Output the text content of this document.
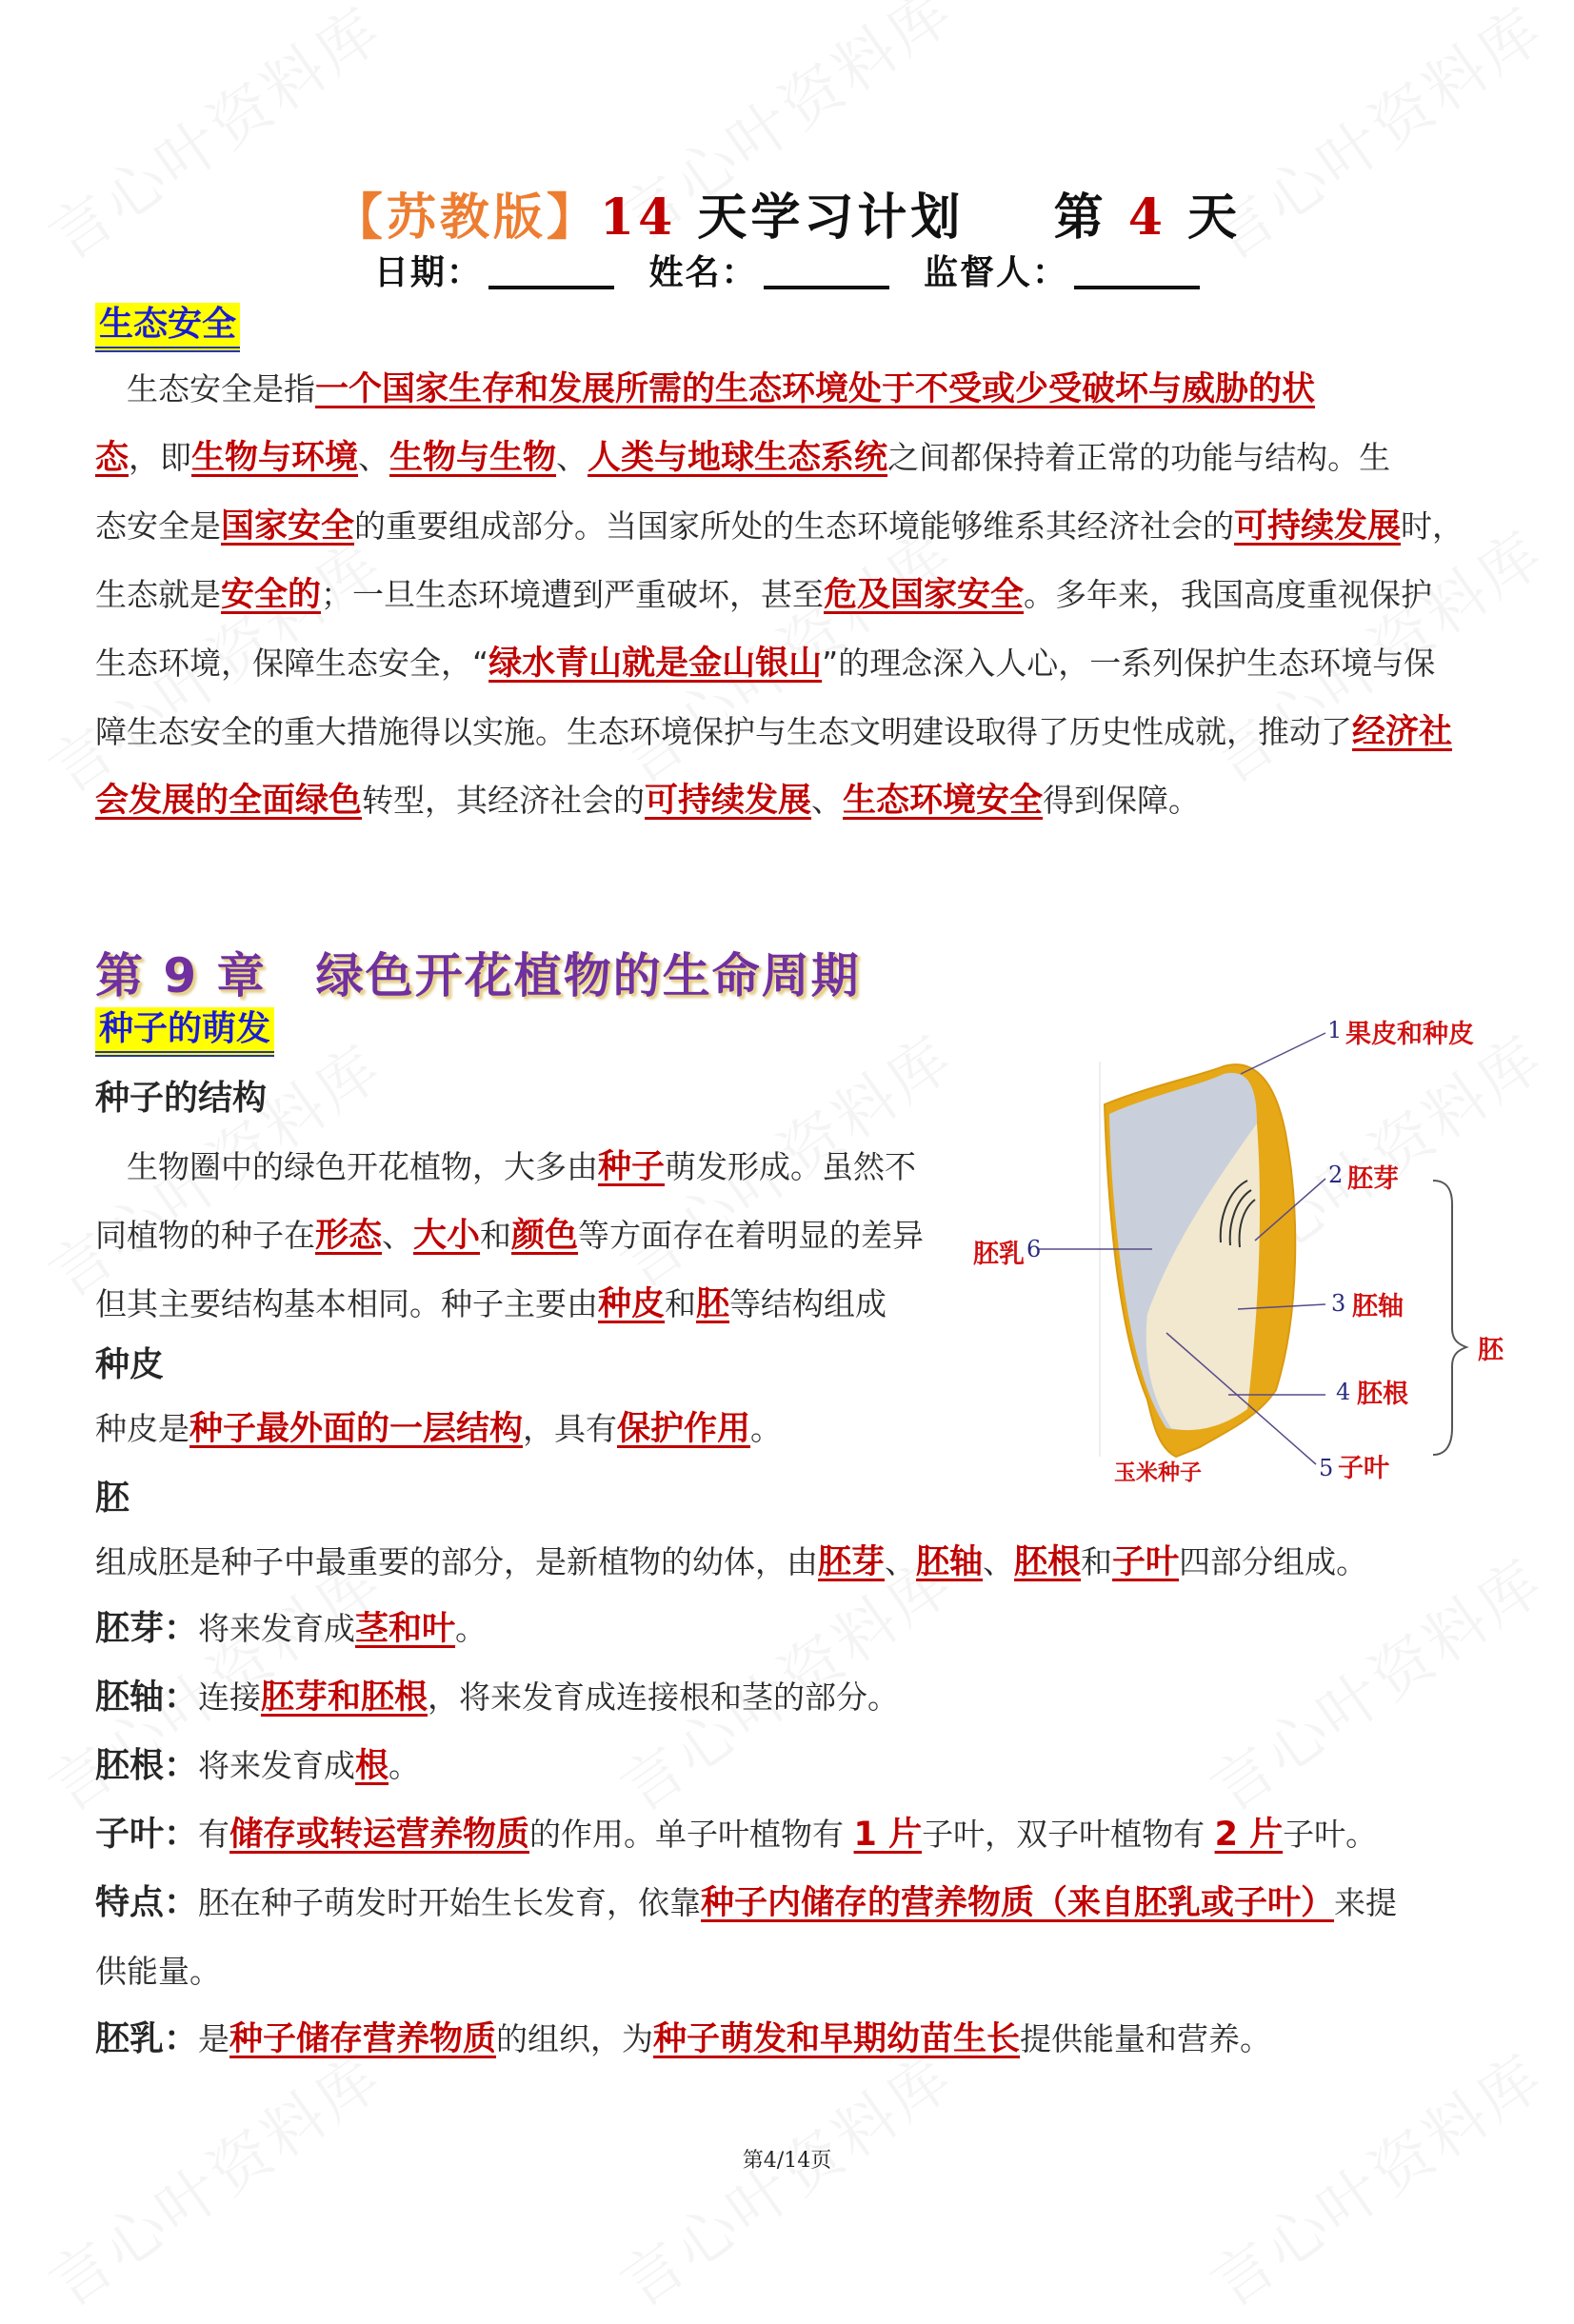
【苏教版】14 天学习计划 第 4 天
日期：	姓名：	监督人：
生态安全
　生态安全是指一个国家生存和发展所需的生态环境处于不受或少受破坏与威胁的状
态，即生物与环境、生物与生物、人类与地球生态系统之间都保持着正常的功能与结构。生
态安全是国家安全的重要组成部分。当国家所处的生态环境能够维系其经济社会的可持续发展时，
生态就是安全的；一旦生态环境遭到严重破坏，甚至危及国家安全。多年来，我国高度重视保护
生态环境，保障生态安全，“绿水青山就是金山银山”的理念深入人心，一系列保护生态环境与保
障生态安全的重大措施得以实施。生态环境保护与生态文明建设取得了历史性成就，推动了经济社
会发展的全面绿色转型，其经济社会的可持续发展、生态环境安全得到保障。
第 9 章　绿色开花植物的生命周期
种子的萌发
种子的结构
　生物圈中的绿色开花植物，大多由种子萌发形成。虽然不
同植物的种子在形态、大小和颜色等方面存在着明显的差异
但其主要结构基本相同。种子主要由种皮和胚等结构组成
种皮
种皮是种子最外面的一层结构，具有保护作用。
胚
组成胚是种子中最重要的部分，是新植物的幼体，由胚芽、胚轴、胚根和子叶四部分组成。
胚芽：将来发育成茎和叶。
胚轴：连接胚芽和胚根，将来发育成连接根和茎的部分。
胚根：将来发育成根。
子叶：有储存或转运营养物质的作用。单子叶植物有 1 片子叶，双子叶植物有 2 片子叶。
特点：胚在种子萌发时开始生长发育，依靠种子内储存的营养物质（来自胚乳或子叶）来提
供能量。
胚乳：是种子储存营养物质的组织，为种子萌发和早期幼苗生长提供能量和营养。
1 果皮和种皮
2 胚芽
3 胚轴
4 胚根
5 子叶
胚乳 6
胚
玉米种子
第4/14页
